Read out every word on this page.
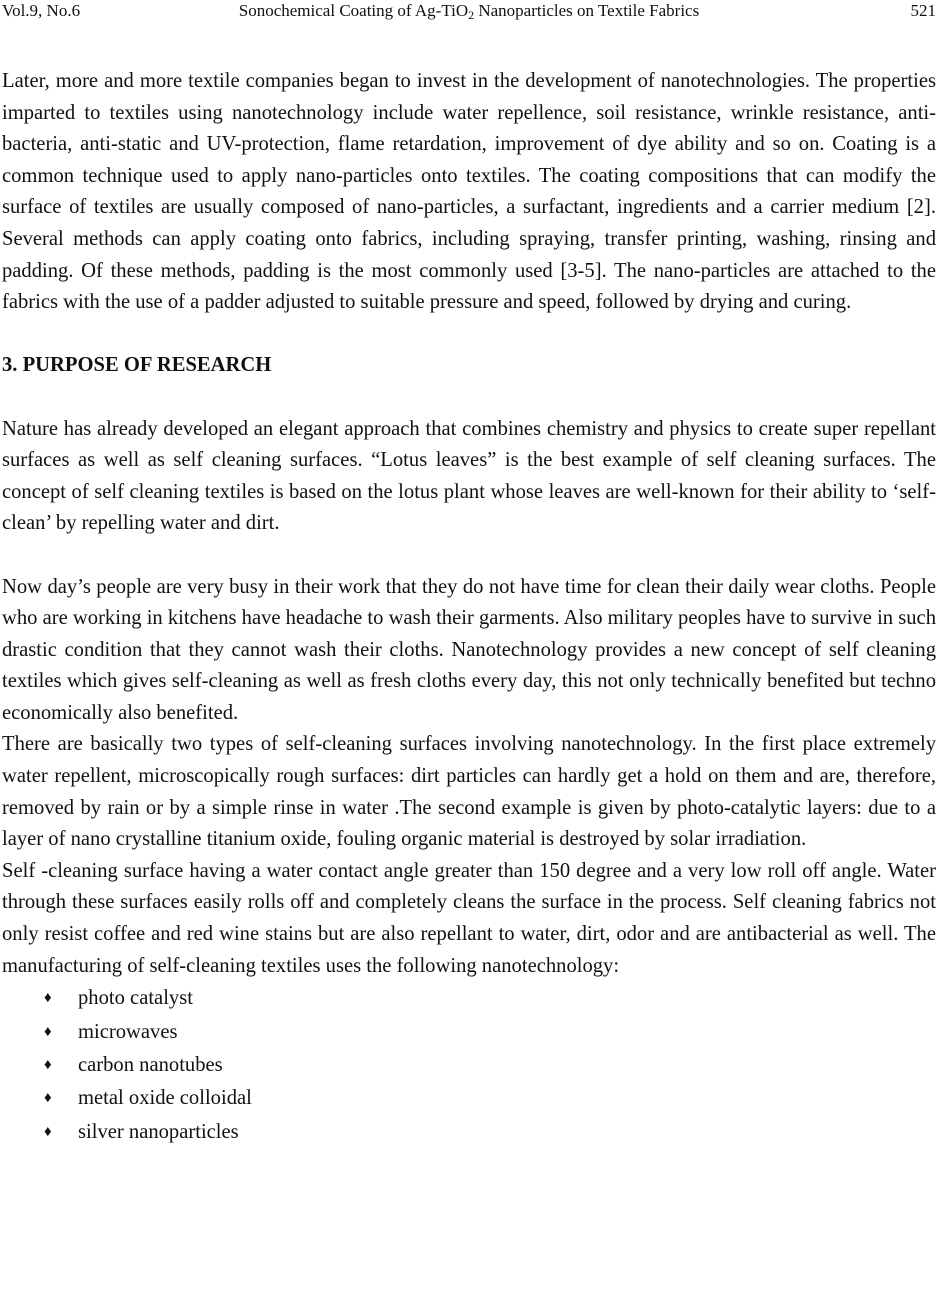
Vol.9, No.6	Sonochemical Coating of Ag-TiO$_2$ Nanoparticles on Textile Fabrics	521

Later, more and more textile companies began to invest in the development of nanotechnologies. The properties imparted to textiles using nanotechnology include water repellence, soil resistance, wrinkle resistance, anti-bacteria, anti-static and UV-protection, flame retardation, improvement of dye ability and so on. Coating is a common technique used to apply nano-particles onto textiles. The coating compositions that can modify the surface of textiles are usually composed of nano-particles, a surfactant, ingredients and a carrier medium [2]. Several methods can apply coating onto fabrics, including spraying, transfer printing, washing, rinsing and padding. Of these methods, padding is the most commonly used [3-5]. The nano-particles are attached to the fabrics with the use of a padder adjusted to suitable pressure and speed, followed by drying and curing.

3. PURPOSE OF RESEARCH

Nature has already developed an elegant approach that combines chemistry and physics to create super repellant surfaces as well as self cleaning surfaces. “Lotus leaves” is the best example of self cleaning surfaces. The concept of self cleaning textiles is based on the lotus plant whose leaves are well-known for their ability to ‘self-clean’ by repelling water and dirt.

Now day’s people are very busy in their work that they do not have time for clean their daily wear cloths. People who are working in kitchens have headache to wash their garments. Also military peoples have to survive in such drastic condition that they cannot wash their cloths. Nanotechnology provides a new concept of self cleaning textiles which gives self-cleaning as well as fresh cloths every day, this not only technically benefited but techno economically also benefited.

There are basically two types of self-cleaning surfaces involving nanotechnology. In the first place extremely water repellent, microscopically rough surfaces: dirt particles can hardly get a hold on them and are, therefore, removed by rain or by a simple rinse in water .The second example is given by photo-catalytic layers: due to a layer of nano crystalline titanium oxide, fouling organic material is destroyed by solar irradiation.

Self -cleaning surface having a water contact angle greater than 150 degree and a very low roll off angle. Water through these surfaces easily rolls off and completely cleans the surface in the process. Self cleaning fabrics not only resist coffee and red wine stains but are also repellant to water, dirt, odor and are antibacterial as well. The manufacturing of self-cleaning textiles uses the following nanotechnology:

♦ photo catalyst
♦ microwaves
♦ carbon nanotubes
♦ metal oxide colloidal
♦ silver nanoparticles
